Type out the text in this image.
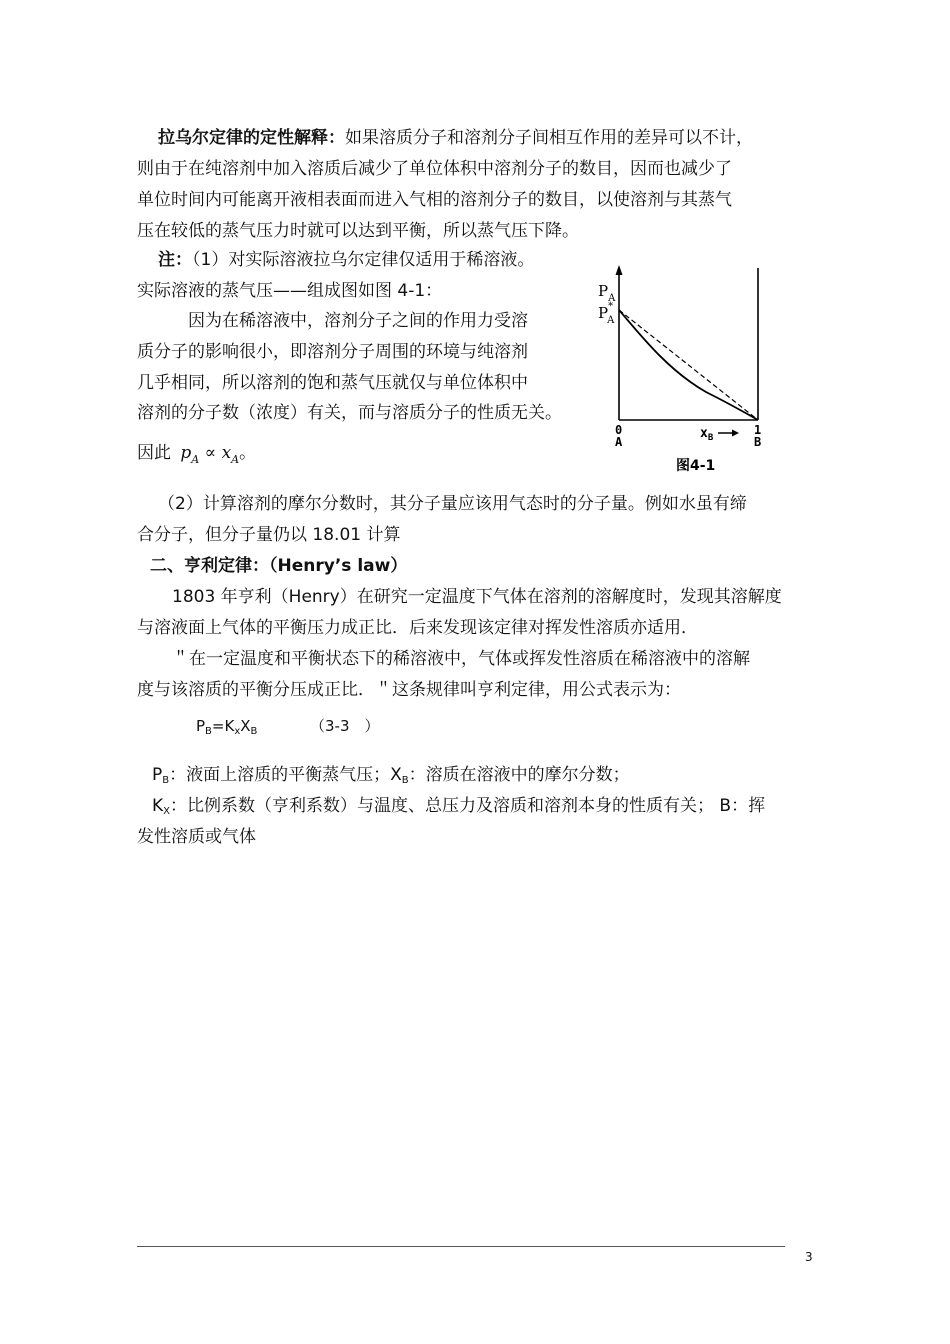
拉乌尔定律的定性解释：如果溶质分子和溶剂分子间相互作用的差异可以不计，
则由于在纯溶剂中加入溶质后减少了单位体积中溶剂分子的数目，因而也减少了
单位时间内可能离开液相表面而进入气相的溶剂分子的数目，以使溶剂与其蒸气
压在较低的蒸气压力时就可以达到平衡，所以蒸气压下降。
注：（1）对实际溶液拉乌尔定律仅适用于稀溶液。
实际溶液的蒸气压——组成图如图 4-1：
因为在稀溶液中，溶剂分子之间的作用力受溶
质分子的影响很小，即溶剂分子周围的环境与纯溶剂
几乎相同，所以溶剂的饱和蒸气压就仅与单位体积中
溶剂的分子数（浓度）有关，而与溶质分子的性质无关。
因此 $p_A \propto x_A$。
$P_A$
P* A
0
A
$x_B$
1
B
图4-1
（2）计算溶剂的摩尔分数时，其分子量应该用气态时的分子量。例如水虽有缔
合分子，但分子量仍以 18.01 计算
二、亨利定律：（Henry’s law）
1803 年亨利（Henry）在研究一定温度下气体在溶剂的溶解度时，发现其溶解度
与溶液面上气体的平衡压力成正比．后来发现该定律对挥发性溶质亦适用．
＂在一定温度和平衡状态下的稀溶液中，气体或挥发性溶质在稀溶液中的溶解
度与该溶质的平衡分压成正比．＂这条规律叫亨利定律，用公式表示为：
$P_B=K_xX_B$	（3-3　）
$P_B$：液面上溶质的平衡蒸气压；$X_B$：溶质在溶液中的摩尔分数；
$K_X$：比例系数（亨利系数）与温度、总压力及溶质和溶剂本身的性质有关； B：挥
发性溶质或气体
3
